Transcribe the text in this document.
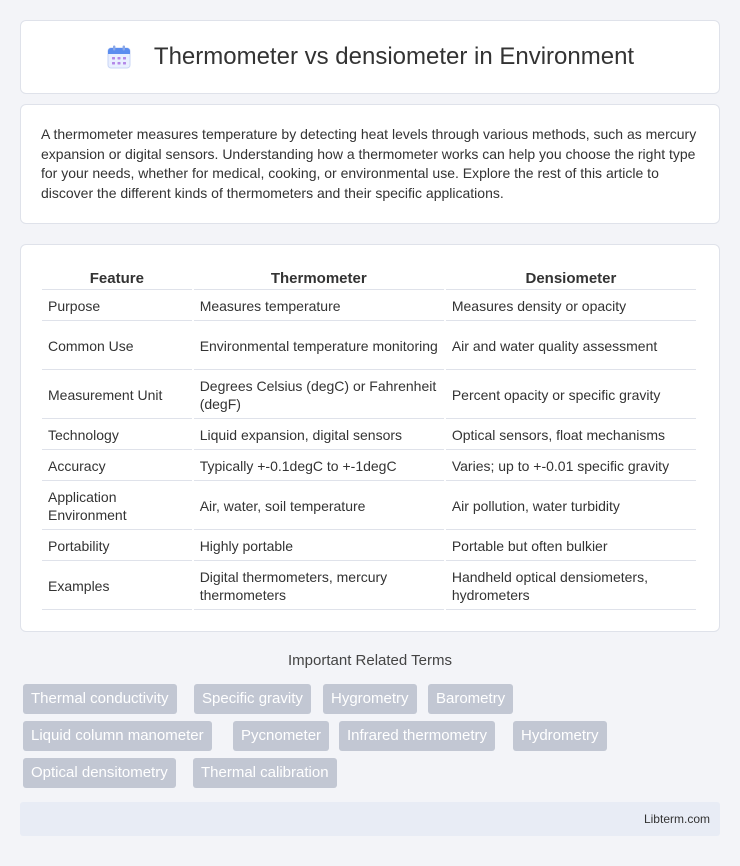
Thermometer vs densiometer in Environment

A thermometer measures temperature by detecting heat levels through various methods, such as mercury expansion or digital sensors. Understanding how a thermometer works can help you choose the right type for your needs, whether for medical, cooking, or environmental use. Explore the rest of this article to discover the different kinds of thermometers and their specific applications.

Feature	Thermometer	Densiometer
Purpose	Measures temperature	Measures density or opacity
Common Use	Environmental temperature monitoring	Air and water quality assessment
Measurement Unit	Degrees Celsius (degC) or Fahrenheit (degF)	Percent opacity or specific gravity
Technology	Liquid expansion, digital sensors	Optical sensors, float mechanisms
Accuracy	Typically +-0.1degC to +-1degC	Varies; up to +-0.01 specific gravity
Application Environment	Air, water, soil temperature	Air pollution, water turbidity
Portability	Highly portable	Portable but often bulkier
Examples	Digital thermometers, mercury thermometers	Handheld optical densiometers, hydrometers
Important Related Terms
Thermal conductivity	Specific gravity	Hygrometry	Barometry
Liquid column manometer	Pycnometer	Infrared thermometry	Hydrometry
Optical densitometry	Thermal calibration
Libterm.com
